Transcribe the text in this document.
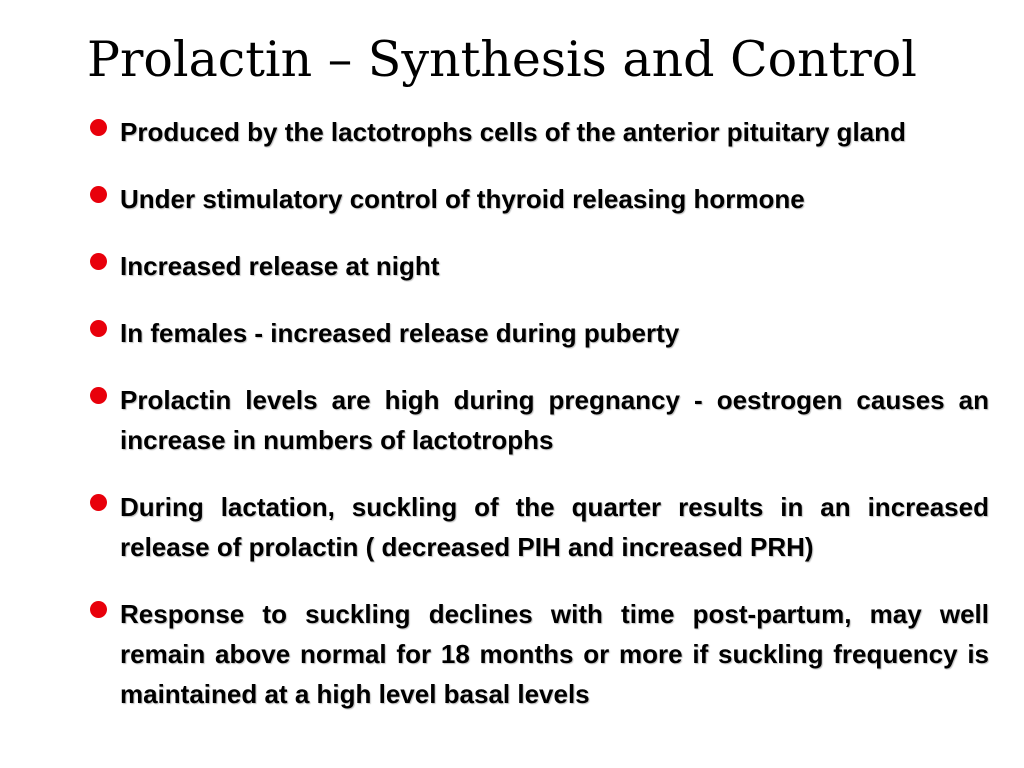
Prolactin – Synthesis and Control
Produced by the lactotrophs cells of the anterior pituitary gland
Under stimulatory control of thyroid releasing hormone
Increased release at night
In females - increased release during puberty
Prolactin levels are high during pregnancy - oestrogen causes an increase in numbers of lactotrophs
During lactation, suckling of the quarter results in an increased release of prolactin ( decreased PIH and increased PRH)
Response to suckling declines with time post-partum, may well remain above normal for 18 months or more if suckling frequency is maintained at a high level basal levels
